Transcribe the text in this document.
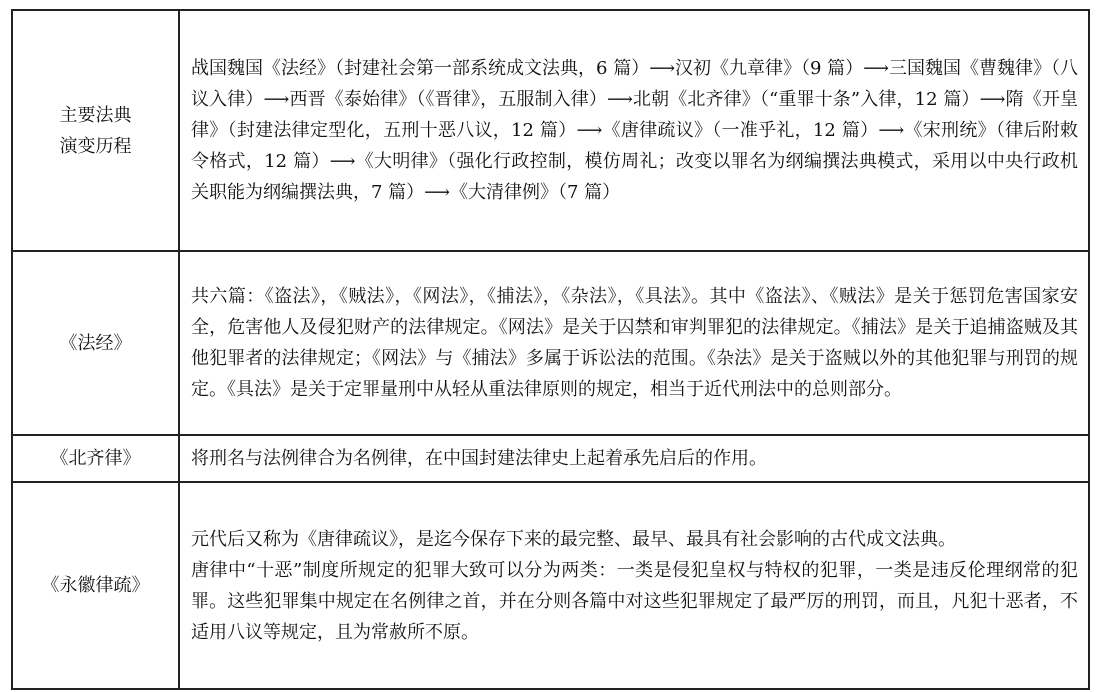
主要法典
演变历程	战国魏国《法经》（封建社会第一部系统成文法典，6 篇）⟶汉初《九章律》（9 篇）⟶三国魏国《曹魏律》（八议入律）⟶西晋《泰始律》（《晋律》，五服制入律）⟶北朝《北齐律》（“重罪十条”入律，12 篇）⟶隋《开皇律》（封建法律定型化，五刑十恶八议，12 篇）⟶《唐律疏议》（一准乎礼，12 篇）⟶《宋刑统》（律后附敕令格式，12 篇）⟶《大明律》（强化行政控制，模仿周礼；改变以罪名为纲编撰法典模式，采用以中央行政机关职能为纲编撰法典，7 篇）⟶《大清律例》（7 篇）

《法经》	共六篇：《盗法》，《贼法》，《网法》，《捕法》，《杂法》，《具法》。其中《盗法》、《贼法》是关于惩罚危害国家安全，危害他人及侵犯财产的法律规定。《网法》是关于囚禁和审判罪犯的法律规定。《捕法》是关于追捕盗贼及其他犯罪者的法律规定；《网法》与《捕法》多属于诉讼法的范围。《杂法》是关于盗贼以外的其他犯罪与刑罚的规定。《具法》是关于定罪量刑中从轻从重法律原则的规定，相当于近代刑法中的总则部分。

《北齐律》	将刑名与法例律合为名例律，在中国封建法律史上起着承先启后的作用。

《永徽律疏》	元代后又称为《唐律疏议》，是迄今保存下来的最完整、最早、最具有社会影响的古代成文法典。

唐律中“十恶”制度所规定的犯罪大致可以分为两类：一类是侵犯皇权与特权的犯罪，一类是违反伦理纲常的犯罪。这些犯罪集中规定在名例律之首，并在分则各篇中对这些犯罪规定了最严厉的刑罚，而且，凡犯十恶者，不适用八议等规定，且为常赦所不原。
